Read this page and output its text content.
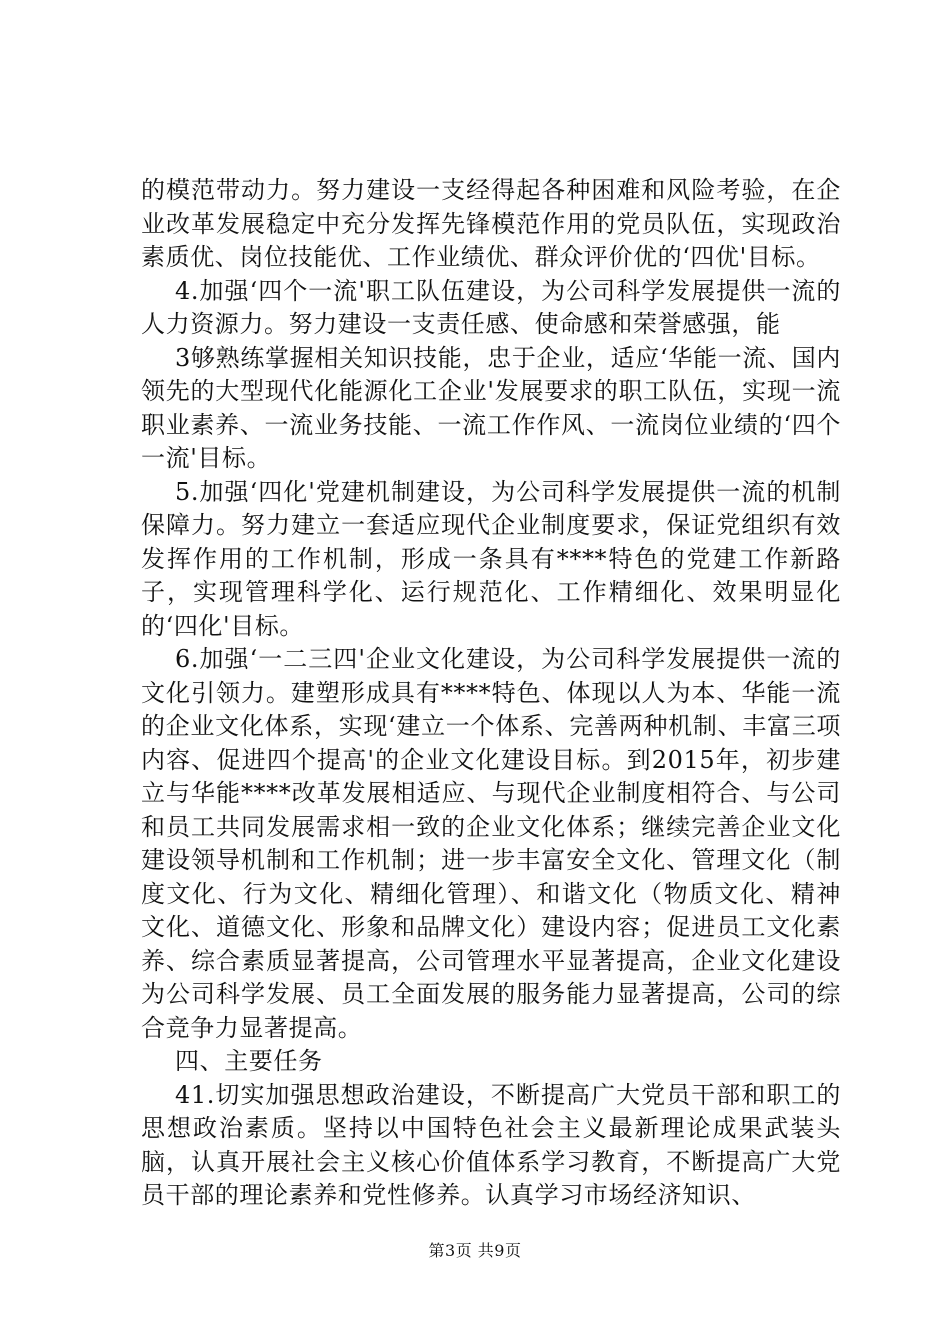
的模范带动力。努力建设一支经得起各种困难和风险考验，在企业改革发展稳定中充分发挥先锋模范作用的党员队伍，实现政治素质优、岗位技能优、工作业绩优、群众评价优的‘四优'目标。

4.加强‘四个一流'职工队伍建设，为公司科学发展提供一流的人力资源力。努力建设一支责任感、使命感和荣誉感强，能

3够熟练掌握相关知识技能，忠于企业，适应‘华能一流、国内领先的大型现代化能源化工企业'发展要求的职工队伍，实现一流职业素养、一流业务技能、一流工作作风、一流岗位业绩的‘四个一流'目标。

5.加强‘四化'党建机制建设，为公司科学发展提供一流的机制保障力。努力建立一套适应现代企业制度要求，保证党组织有效发挥作用的工作机制，形成一条具有****特色的党建工作新路子，实现管理科学化、运行规范化、工作精细化、效果明显化的‘四化'目标。

6.加强‘一二三四'企业文化建设，为公司科学发展提供一流的文化引领力。建塑形成具有****特色、体现以人为本、华能一流的企业文化体系，实现‘建立一个体系、完善两种机制、丰富三项内容、促进四个提高'的企业文化建设目标。到2015年，初步建立与华能****改革发展相适应、与现代企业制度相符合、与公司和员工共同发展需求相一致的企业文化体系；继续完善企业文化建设领导机制和工作机制；进一步丰富安全文化、管理文化（制度文化、行为文化、精细化管理）、和谐文化（物质文化、精神文化、道德文化、形象和品牌文化）建设内容；促进员工文化素养、综合素质显著提高，公司管理水平显著提高，企业文化建设为公司科学发展、员工全面发展的服务能力显著提高，公司的综合竞争力显著提高。

四、主要任务

41.切实加强思想政治建设，不断提高广大党员干部和职工的思想政治素质。坚持以中国特色社会主义最新理论成果武装头脑，认真开展社会主义核心价值体系学习教育，不断提高广大党员干部的理论素养和党性修养。认真学习市场经济知识、

第3页 共9页
